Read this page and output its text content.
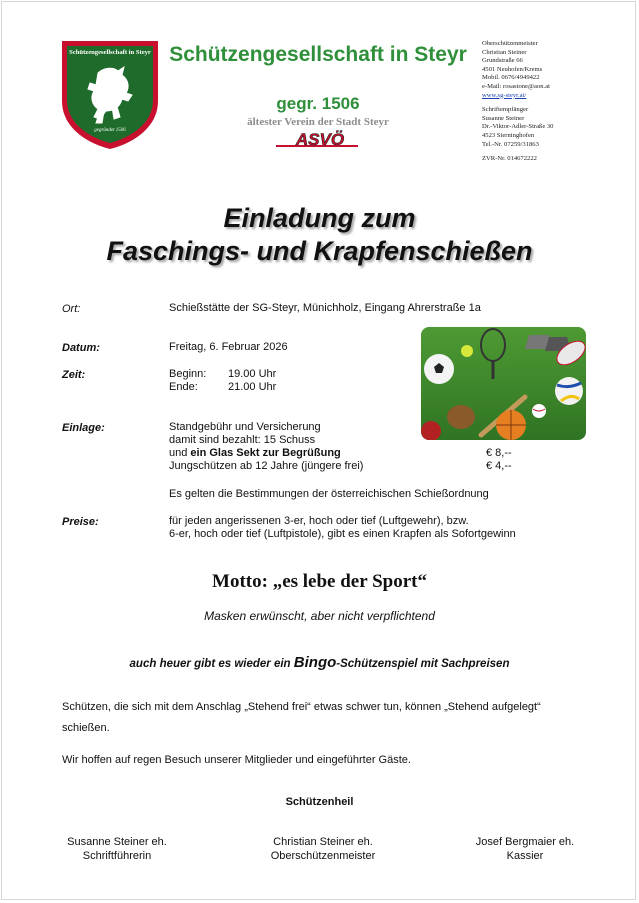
Schützengesellschaft in Steyr
gegründet 1506
Schützengesellschaft in Steyr
gegr. 1506
ältester Verein der Stadt Steyr
ASVÖ
Oberschützenmeister
Christian Steiner
Grundstraße 66
4501 Neuhofen/Krems
Mobil. 0676/4949422
e-Mail: rosastone@aon.at
www.sg-steyr.at/
Schriftempfänger
Susanne Steiner
Dr.-Viktor-Adler-Straße 30
4523 Sierninghofen
Tel.-Nr. 07259/31863
ZVR-Nr. 014672222
Einladung zum
Faschings- und Krapfenschießen
Ort:	Schießstätte der SG-Steyr, Münichholz, Eingang Ahrerstraße 1a
Datum:	Freitag, 6. Februar 2026
Zeit:	Beginn: 19.00 Uhr
Ende:	21.00 Uhr
Einlage:	Standgebühr und Versicherung
damit sind bezahlt: 15 Schuss
und ein Glas Sekt zur Begrüßung	€ 8,--
Jungschützen ab 12 Jahre (jüngere frei)	€ 4,--
Es gelten die Bestimmungen der österreichischen Schießordnung
Preise:	für jeden angerissenen 3-er, hoch oder tief (Luftgewehr), bzw.
6-er, hoch oder tief (Luftpistole), gibt es einen Krapfen als Sofortgewinn
Motto: „es lebe der Sport“
Masken erwünscht, aber nicht verpflichtend
auch heuer gibt es wieder ein Bingo-Schützenspiel mit Sachpreisen
Schützen, die sich mit dem Anschlag „Stehend frei“ etwas schwer tun, können „Stehend aufgelegt“ schießen.
Wir hoffen auf regen Besuch unserer Mitglieder und eingeführter Gäste.
Schützenheil
Susanne Steiner eh.
Schriftführerin
Christian Steiner eh.
Oberschützenmeister
Josef Bergmaier eh.
Kassier
